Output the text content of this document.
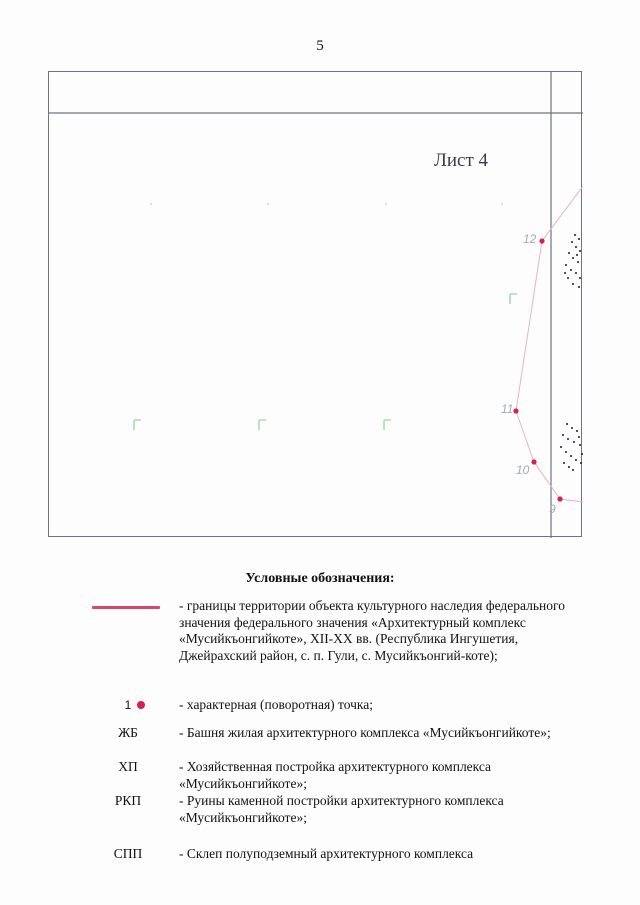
5
Лист 4
12
11
10
9
Условные обозначения:
- границы территории объекта культурного наследия федерального значения федерального значения «Архитектурный комплекс «Мусийкъонгийкоте», XII-XX вв. (Республика Ингушетия, Джейрахский район, с. п. Гули, с. Мусийкъонгий-коте);
1	- характерная (поворотная) точка;
ЖБ	- Башня жилая архитектурного комплекса «Мусийкъонгийкоте»;
ХП	- Хозяйственная постройка архитектурного комплекса «Мусийкъонгийкоте»;
РКП	- Руины каменной постройки архитектурного комплекса «Мусийкъонгийкоте»;
СПП	- Склеп полуподземный архитектурного комплекса
